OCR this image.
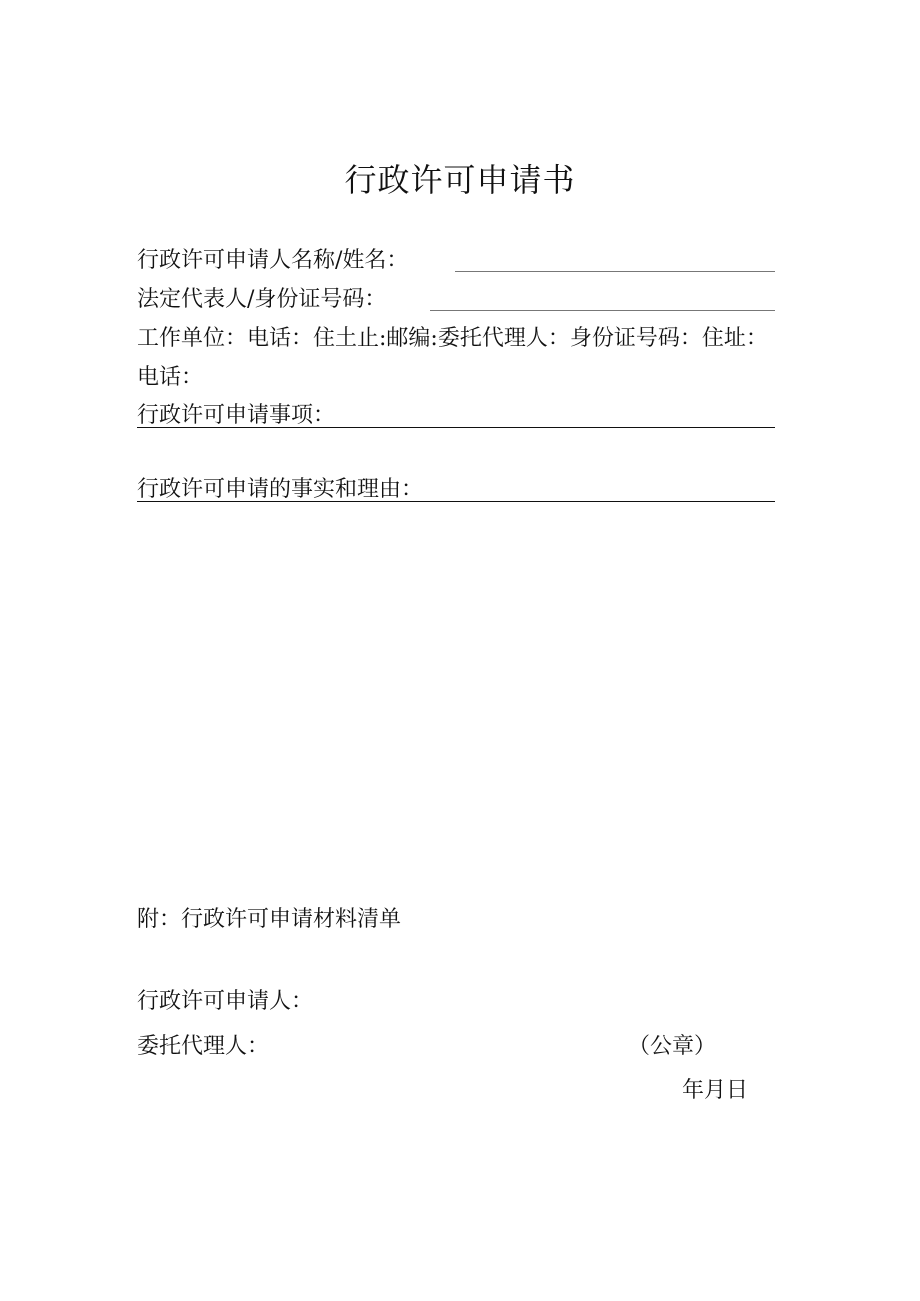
行政许可申请书
行政许可申请人名称/姓名：
法定代表人/身份证号码：
工作单位：电话：住土止:邮编:委托代理人：身份证号码：住址：
电话：
行政许可申请事项：
行政许可申请的事实和理由：
附：行政许可申请材料清单
行政许可申请人：
委托代理人：	（公章）
年月日
